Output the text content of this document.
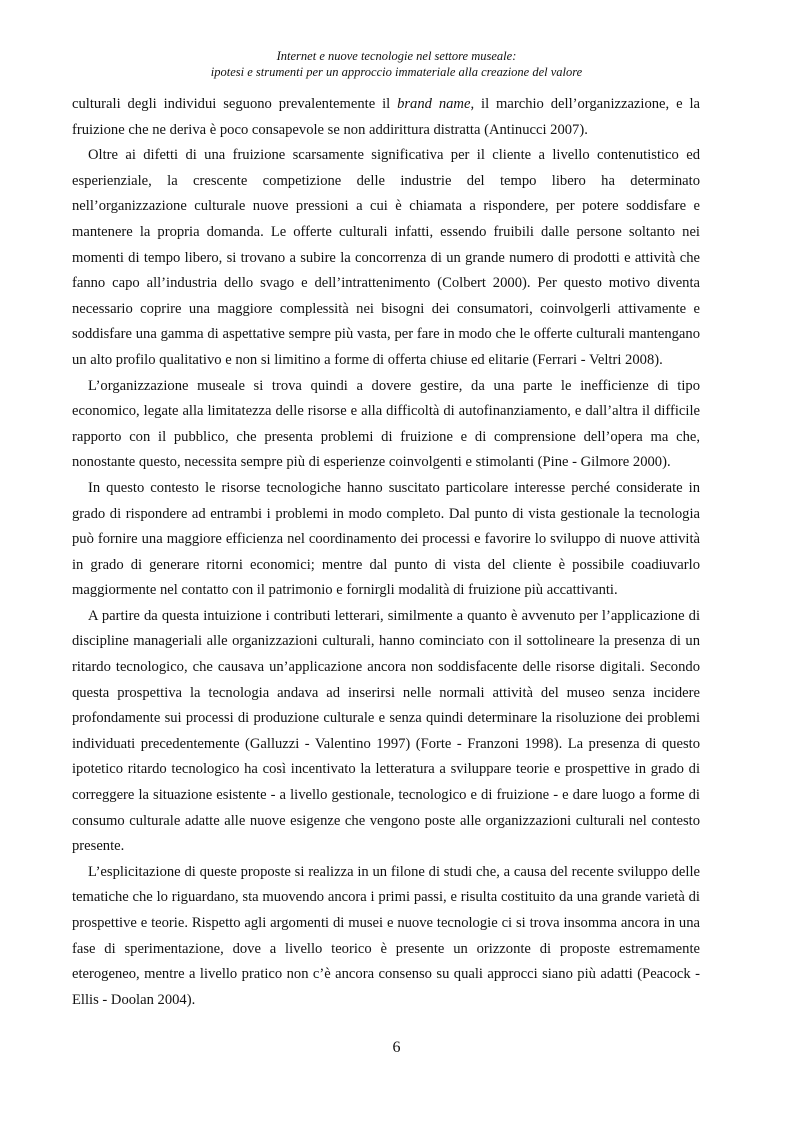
Internet e nuove tecnologie nel settore museale:
ipotesi e strumenti per un approccio immateriale alla creazione del valore

culturali degli individui seguono prevalentemente il brand name, il marchio dell’organizzazione, e la fruizione che ne deriva è poco consapevole se non addirittura distratta (Antinucci 2007).

Oltre ai difetti di una fruizione scarsamente significativa per il cliente a livello contenutistico ed esperienziale, la crescente competizione delle industrie del tempo libero ha determinato nell’organizzazione culturale nuove pressioni a cui è chiamata a rispondere, per potere soddisfare e mantenere la propria domanda. Le offerte culturali infatti, essendo fruibili dalle persone soltanto nei momenti di tempo libero, si trovano a subire la concorrenza di un grande numero di prodotti e attività che fanno capo all’industria dello svago e dell’intrattenimento (Colbert 2000). Per questo motivo diventa necessario coprire una maggiore complessità nei bisogni dei consumatori, coinvolgerli attivamente e soddisfare una gamma di aspettative sempre più vasta, per fare in modo che le offerte culturali mantengano un alto profilo qualitativo e non si limitino a forme di offerta chiuse ed elitarie (Ferrari - Veltri 2008).

L’organizzazione museale si trova quindi a dovere gestire, da una parte le inefficienze di tipo economico, legate alla limitatezza delle risorse e alla difficoltà di autofinanziamento, e dall’altra il difficile rapporto con il pubblico, che presenta problemi di fruizione e di comprensione dell’opera ma che, nonostante questo, necessita sempre più di esperienze coinvolgenti e stimolanti (Pine - Gilmore 2000).

In questo contesto le risorse tecnologiche hanno suscitato particolare interesse perché considerate in grado di rispondere ad entrambi i problemi in modo completo. Dal punto di vista gestionale la tecnologia può fornire una maggiore efficienza nel coordinamento dei processi e favorire lo sviluppo di nuove attività in grado di generare ritorni economici; mentre dal punto di vista del cliente è possibile coadiuvarlo maggiormente nel contatto con il patrimonio e fornirgli modalità di fruizione più accattivanti.

A partire da questa intuizione i contributi letterari, similmente a quanto è avvenuto per l’applicazione di discipline manageriali alle organizzazioni culturali, hanno cominciato con il sottolineare la presenza di un ritardo tecnologico, che causava un’applicazione ancora non soddisfacente delle risorse digitali. Secondo questa prospettiva la tecnologia andava ad inserirsi nelle normali attività del museo senza incidere profondamente sui processi di produzione culturale e senza quindi determinare la risoluzione dei problemi individuati precedentemente (Galluzzi - Valentino 1997) (Forte - Franzoni 1998). La presenza di questo ipotetico ritardo tecnologico ha così incentivato la letteratura a sviluppare teorie e prospettive in grado di correggere la situazione esistente - a livello gestionale, tecnologico e di fruizione - e dare luogo a forme di consumo culturale adatte alle nuove esigenze che vengono poste alle organizzazioni culturali nel contesto presente.

L’esplicitazione di queste proposte si realizza in un filone di studi che, a causa del recente sviluppo delle tematiche che lo riguardano, sta muovendo ancora i primi passi, e risulta costituito da una grande varietà di prospettive e teorie. Rispetto agli argomenti di musei e nuove tecnologie ci si trova insomma ancora in una fase di sperimentazione, dove a livello teorico è presente un orizzonte di proposte estremamente eterogeneo, mentre a livello pratico non c’è ancora consenso su quali approcci siano più adatti (Peacock - Ellis - Doolan 2004).

6
